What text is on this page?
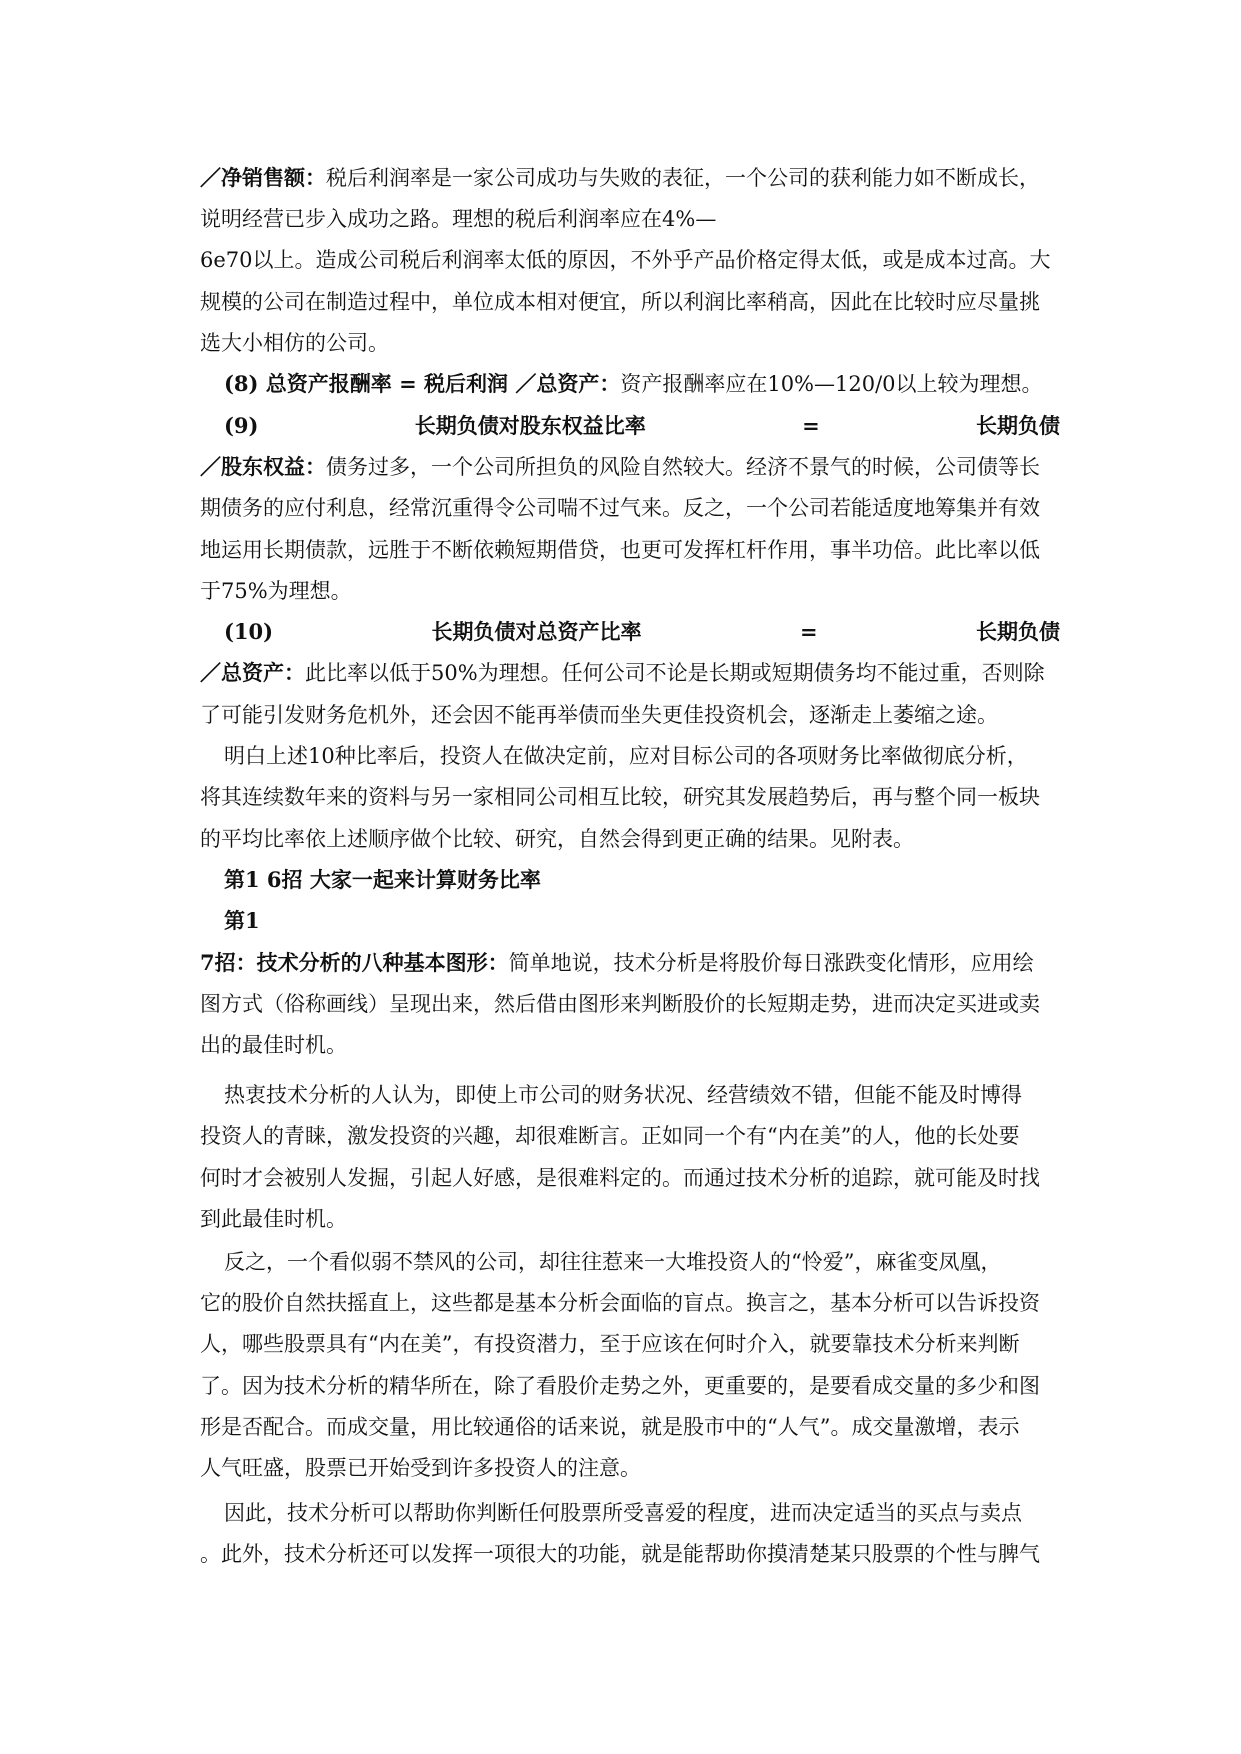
／净销售额：税后利润率是一家公司成功与失败的表征，一个公司的获利能力如不断成长，
说明经营已步入成功之路。理想的税后利润率应在4%—
6e70以上。造成公司税后利润率太低的原因，不外乎产品价格定得太低，或是成本过高。大
规模的公司在制造过程中，单位成本相对便宜，所以利润比率稍高，因此在比较时应尽量挑
选大小相仿的公司。
(8) 总资产报酬率 = 税后利润 ／总资产：资产报酬率应在10%—120/0以上较为理想。
(9)	长期负债对股东权益比率	=	长期负债
／股东权益：债务过多，一个公司所担负的风险自然较大。经济不景气的时候，公司债等长
期债务的应付利息，经常沉重得令公司喘不过气来。反之，一个公司若能适度地筹集并有效
地运用长期债款，远胜于不断依赖短期借贷，也更可发挥杠杆作用，事半功倍。此比率以低
于75%为理想。
(10)	长期负债对总资产比率	=	长期负债
／总资产：此比率以低于50%为理想。任何公司不论是长期或短期债务均不能过重，否则除
了可能引发财务危机外，还会因不能再举债而坐失更佳投资机会，逐渐走上萎缩之途。
明白上述10种比率后，投资人在做决定前，应对目标公司的各项财务比率做彻底分析，
将其连续数年来的资料与另一家相同公司相互比较，研究其发展趋势后，再与整个同一板块
的平均比率依上述顺序做个比较、研究，自然会得到更正确的结果。见附表。
第1 6招 大家一起来计算财务比率
第1
7招：技术分析的八种基本图形：简单地说，技术分析是将股价每日涨跌变化情形，应用绘
图方式（俗称画线）呈现出来，然后借由图形来判断股价的长短期走势，进而决定买进或卖
出的最佳时机。
热衷技术分析的人认为，即使上市公司的财务状况、经营绩效不错，但能不能及时博得
投资人的青睐，激发投资的兴趣，却很难断言。正如同一个有“内在美”的人，他的长处要
何时才会被别人发掘，引起人好感，是很难料定的。而通过技术分析的追踪，就可能及时找
到此最佳时机。
反之，一个看似弱不禁风的公司，却往往惹来一大堆投资人的“怜爱”，麻雀变凤凰，
它的股价自然扶摇直上，这些都是基本分析会面临的盲点。换言之，基本分析可以告诉投资
人，哪些股票具有“内在美”，有投资潜力，至于应该在何时介入，就要靠技术分析来判断
了。因为技术分析的精华所在，除了看股价走势之外，更重要的，是要看成交量的多少和图
形是否配合。而成交量，用比较通俗的话来说，就是股市中的“人气”。成交量激增，表示
人气旺盛，股票已开始受到许多投资人的注意。
因此，技术分析可以帮助你判断任何股票所受喜爱的程度，进而决定适当的买点与卖点
。此外，技术分析还可以发挥一项很大的功能，就是能帮助你摸清楚某只股票的个性与脾气
